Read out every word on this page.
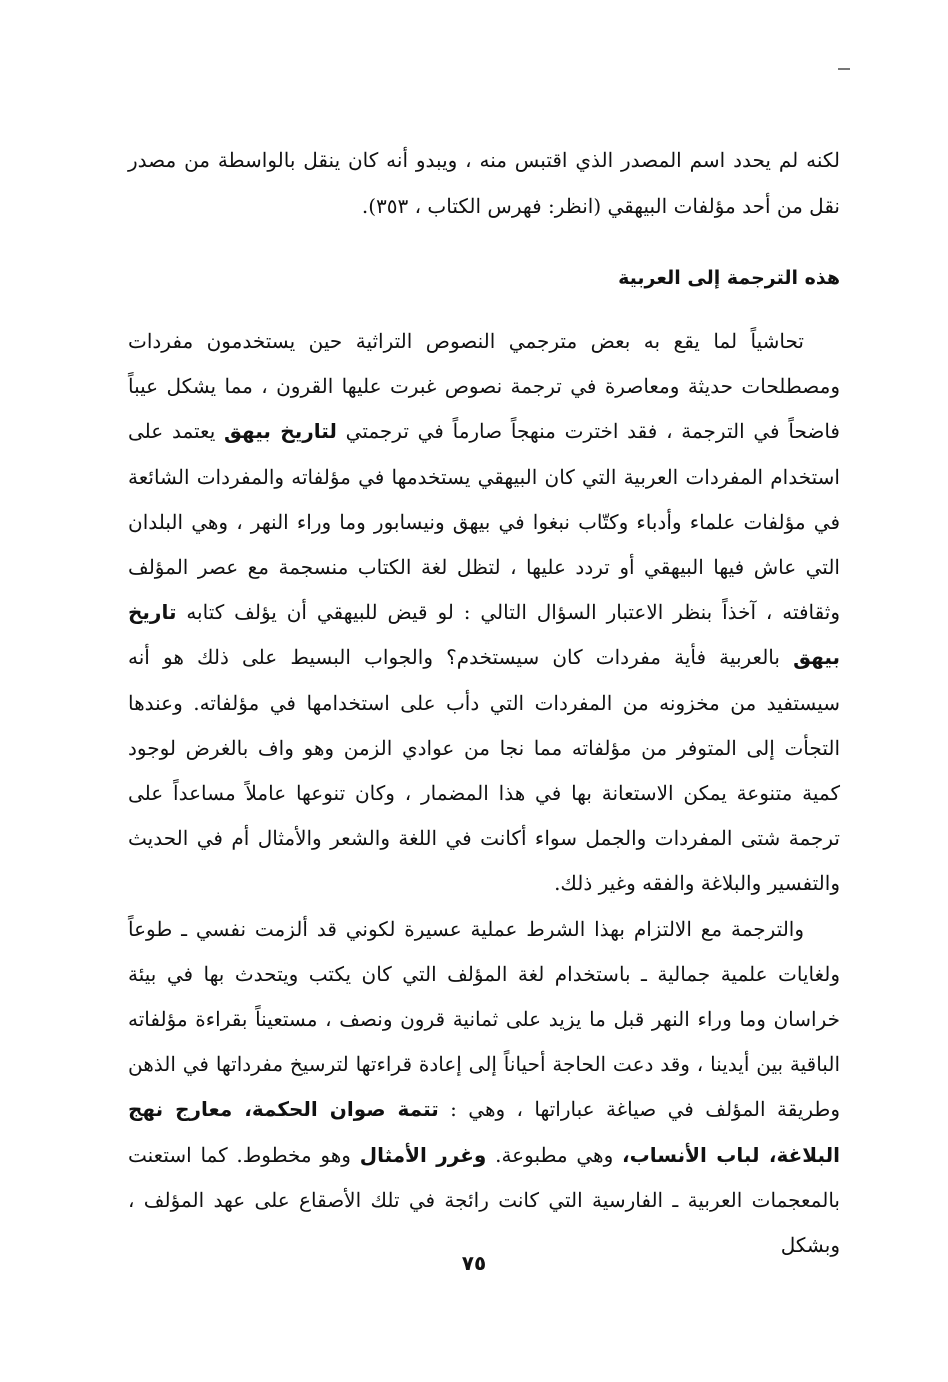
لكنه لم يحدد اسم المصدر الذي اقتبس منه ، ويبدو أنه كان ينقل بالواسطة من مصدر نقل من أحد مؤلفات البيهقي (انظر: فهرس الكتاب ، ٣٥٣).
هذه الترجمة إلى العربية

تحاشياً لما يقع به بعض مترجمي النصوص التراثية حين يستخدمون مفردات ومصطلحات حديثة ومعاصرة في ترجمة نصوص غبرت عليها القرون ، مما يشكل عيباً فاضحاً في الترجمة ، فقد اخترت منهجاً صارماً في ترجمتي لتاريخ بيهق يعتمد على استخدام المفردات العربية التي كان البيهقي يستخدمها في مؤلفاته والمفردات الشائعة في مؤلفات علماء وأدباء وكتّاب نبغوا في بيهق ونيسابور وما وراء النهر ، وهي البلدان التي عاش فيها البيهقي أو تردد عليها ، لتظل لغة الكتاب منسجمة مع عصر المؤلف وثقافته ، آخذاً بنظر الاعتبار السؤال التالي : لو قيض للبيهقي أن يؤلف كتابه تاريخ بيهق بالعربية فأية مفردات كان سيستخدم؟ والجواب البسيط على ذلك هو أنه سيستفيد من مخزونه من المفردات التي دأب على استخدامها في مؤلفاته. وعندها التجأت إلى المتوفر من مؤلفاته مما نجا من عوادي الزمن وهو واف بالغرض لوجود كمية متنوعة يمكن الاستعانة بها في هذا المضمار ، وكان تنوعها عاملاً مساعداً على ترجمة شتى المفردات والجمل سواء أكانت في اللغة والشعر والأمثال أم في الحديث والتفسير والبلاغة والفقه وغير ذلك.

والترجمة مع الالتزام بهذا الشرط عملية عسيرة لكوني قد ألزمت نفسي ـ طوعاً ولغايات علمية جمالية ـ باستخدام لغة المؤلف التي كان يكتب ويتحدث بها في بيئة خراسان وما وراء النهر قبل ما يزيد على ثمانية قرون ونصف ، مستعيناً بقراءة مؤلفاته الباقية بين أيدينا ، وقد دعت الحاجة أحياناً إلى إعادة قراءتها لترسيخ مفرداتها في الذهن وطريقة المؤلف في صياغة عباراتها ، وهي : تتمة صوان الحكمة، معارج نهج البلاغة، لباب الأنساب، وهي مطبوعة. وغرر الأمثال وهو مخطوط. كما استعنت بالمعجمات العربية ـ الفارسية التي كانت رائجة في تلك الأصقاع على عهد المؤلف ، وبشكل

٧٥
